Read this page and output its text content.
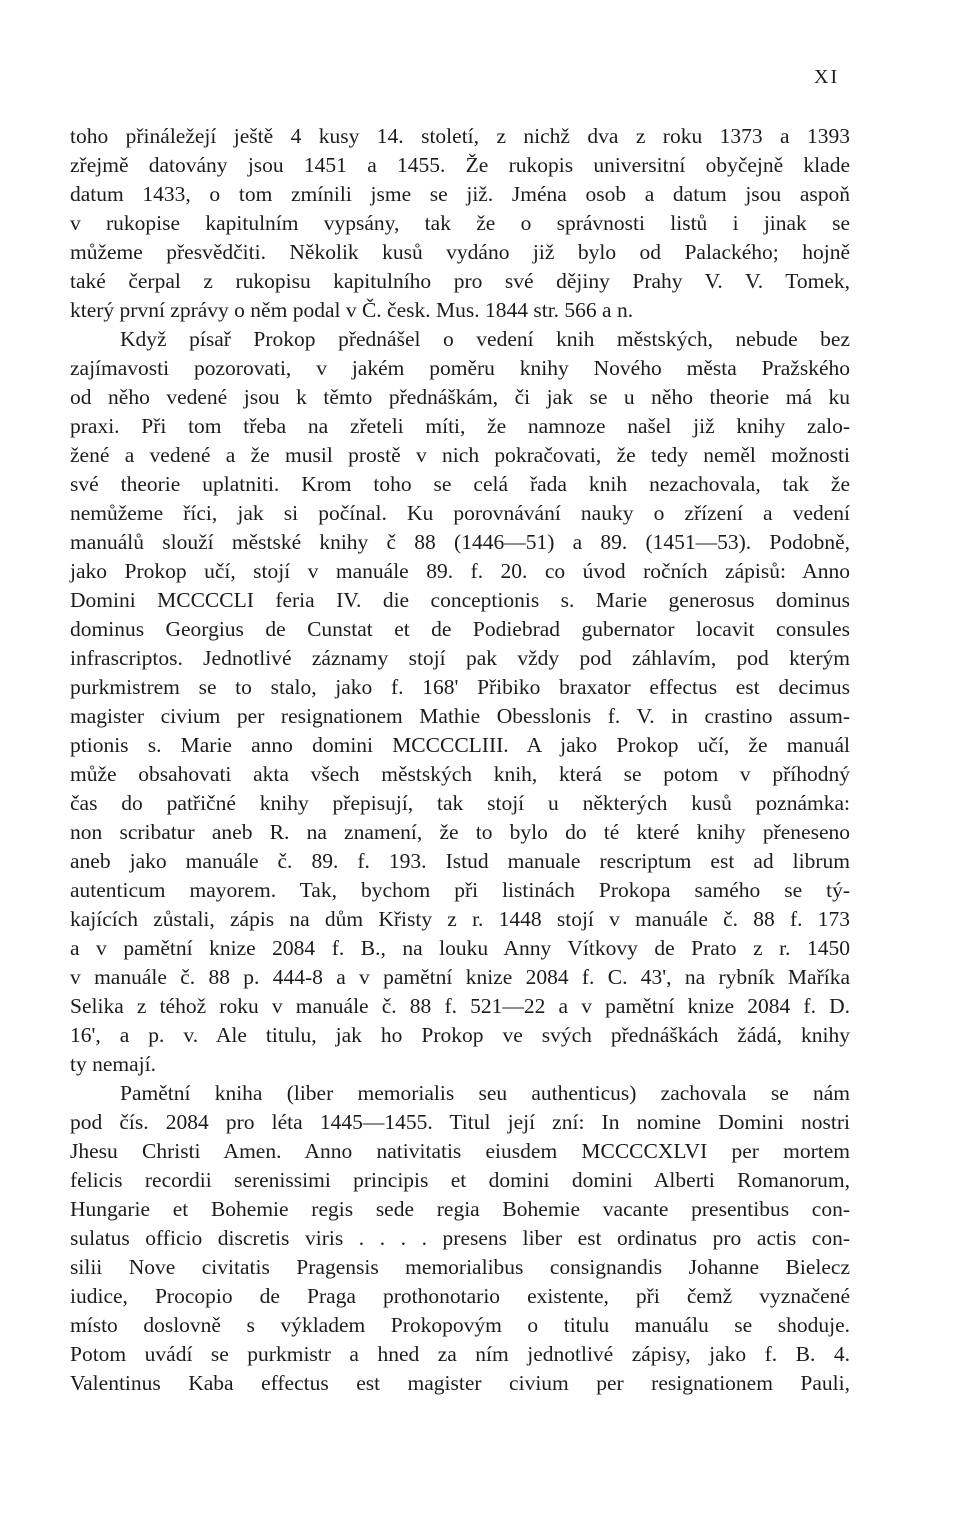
XI
toho přináležejí ještě 4 kusy 14. století, z nichž dva z roku 1373 a 1393
zřejmě datovány jsou 1451 a 1455. Že rukopis universitní obyčejně klade
datum 1433, o tom zmínili jsme se již. Jména osob a datum jsou aspoň
v rukopise kapitulním vypsány, tak že o správnosti listů i jinak se
můžeme přesvědčiti. Několik kusů vydáno již bylo od Palackého; hojně
také čerpal z rukopisu kapitulního pro své dějiny Prahy V. V. Tomek,
který první zprávy o něm podal v Č. česk. Mus. 1844 str. 566 a n.
Když písař Prokop přednášel o vedení knih městských, nebude bez
zajímavosti pozorovati, v jakém poměru knihy Nového města Pražského
od něho vedené jsou k těmto přednáškám, či jak se u něho theorie má ku
praxi. Při tom třeba na zřeteli míti, že namnoze našel již knihy zalo-
žené a vedené a že musil prostě v nich pokračovati, že tedy neměl možnosti
své theorie uplatniti. Krom toho se celá řada knih nezachovala, tak že
nemůžeme říci, jak si počínal. Ku porovnávání nauky o zřízení a vedení
manuálů slouží městské knihy č 88 (1446—51) a 89. (1451—53). Podobně,
jako Prokop učí, stojí v manuále 89. f. 20. co úvod ročních zápisů: Anno
Domini MCCCCLI feria IV. die conceptionis s. Marie generosus dominus
dominus Georgius de Cunstat et de Podiebrad gubernator locavit consules
infrascriptos. Jednotlivé záznamy stojí pak vždy pod záhlavím, pod kterým
purkmistrem se to stalo, jako f. 168' Přibiko braxator effectus est decimus
magister civium per resignationem Mathie Obesslonis f. V. in crastino assum-
ptionis s. Marie anno domini MCCCCLIII. A jako Prokop učí, že manuál
může obsahovati akta všech městských knih, která se potom v příhodný
čas do patřičné knihy přepisují, tak stojí u některých kusů poznámka:
non scribatur aneb R. na znamení, že to bylo do té které knihy přeneseno
aneb jako manuále č. 89. f. 193. Istud manuale rescriptum est ad librum
autenticum mayorem. Tak, bychom při listinách Prokopa samého se tý-
kajících zůstali, zápis na dům Křisty z r. 1448 stojí v manuále č. 88 f. 173
a v pamětní knize 2084 f. B., na louku Anny Vítkovy de Prato z r. 1450
v manuále č. 88 p. 444-8 a v pamětní knize 2084 f. C. 43', na rybník Maříka
Selika z téhož roku v manuále č. 88 f. 521—22 a v pamětní knize 2084 f. D.
16', a p. v. Ale titulu, jak ho Prokop ve svých přednáškách žádá, knihy
ty nemají.
Pamětní kniha (liber memorialis seu authenticus) zachovala se nám
pod čís. 2084 pro léta 1445—1455. Titul její zní: In nomine Domini nostri
Jhesu Christi Amen. Anno nativitatis eiusdem MCCCCXLVI per mortem
felicis recordii serenissimi principis et domini domini Alberti Romanorum,
Hungarie et Bohemie regis sede regia Bohemie vacante presentibus con-
sulatus officio discretis viris . . . . presens liber est ordinatus pro actis con-
silii Nove civitatis Pragensis memorialibus consignandis Johanne Bielecz
iudice, Procopio de Praga prothonotario existente, při čemž vyznačené
místo doslovně s výkladem Prokopovým o titulu manuálu se shoduje.
Potom uvádí se purkmistr a hned za ním jednotlivé zápisy, jako f. B. 4.
Valentinus Kaba effectus est magister civium per resignationem Pauli,
